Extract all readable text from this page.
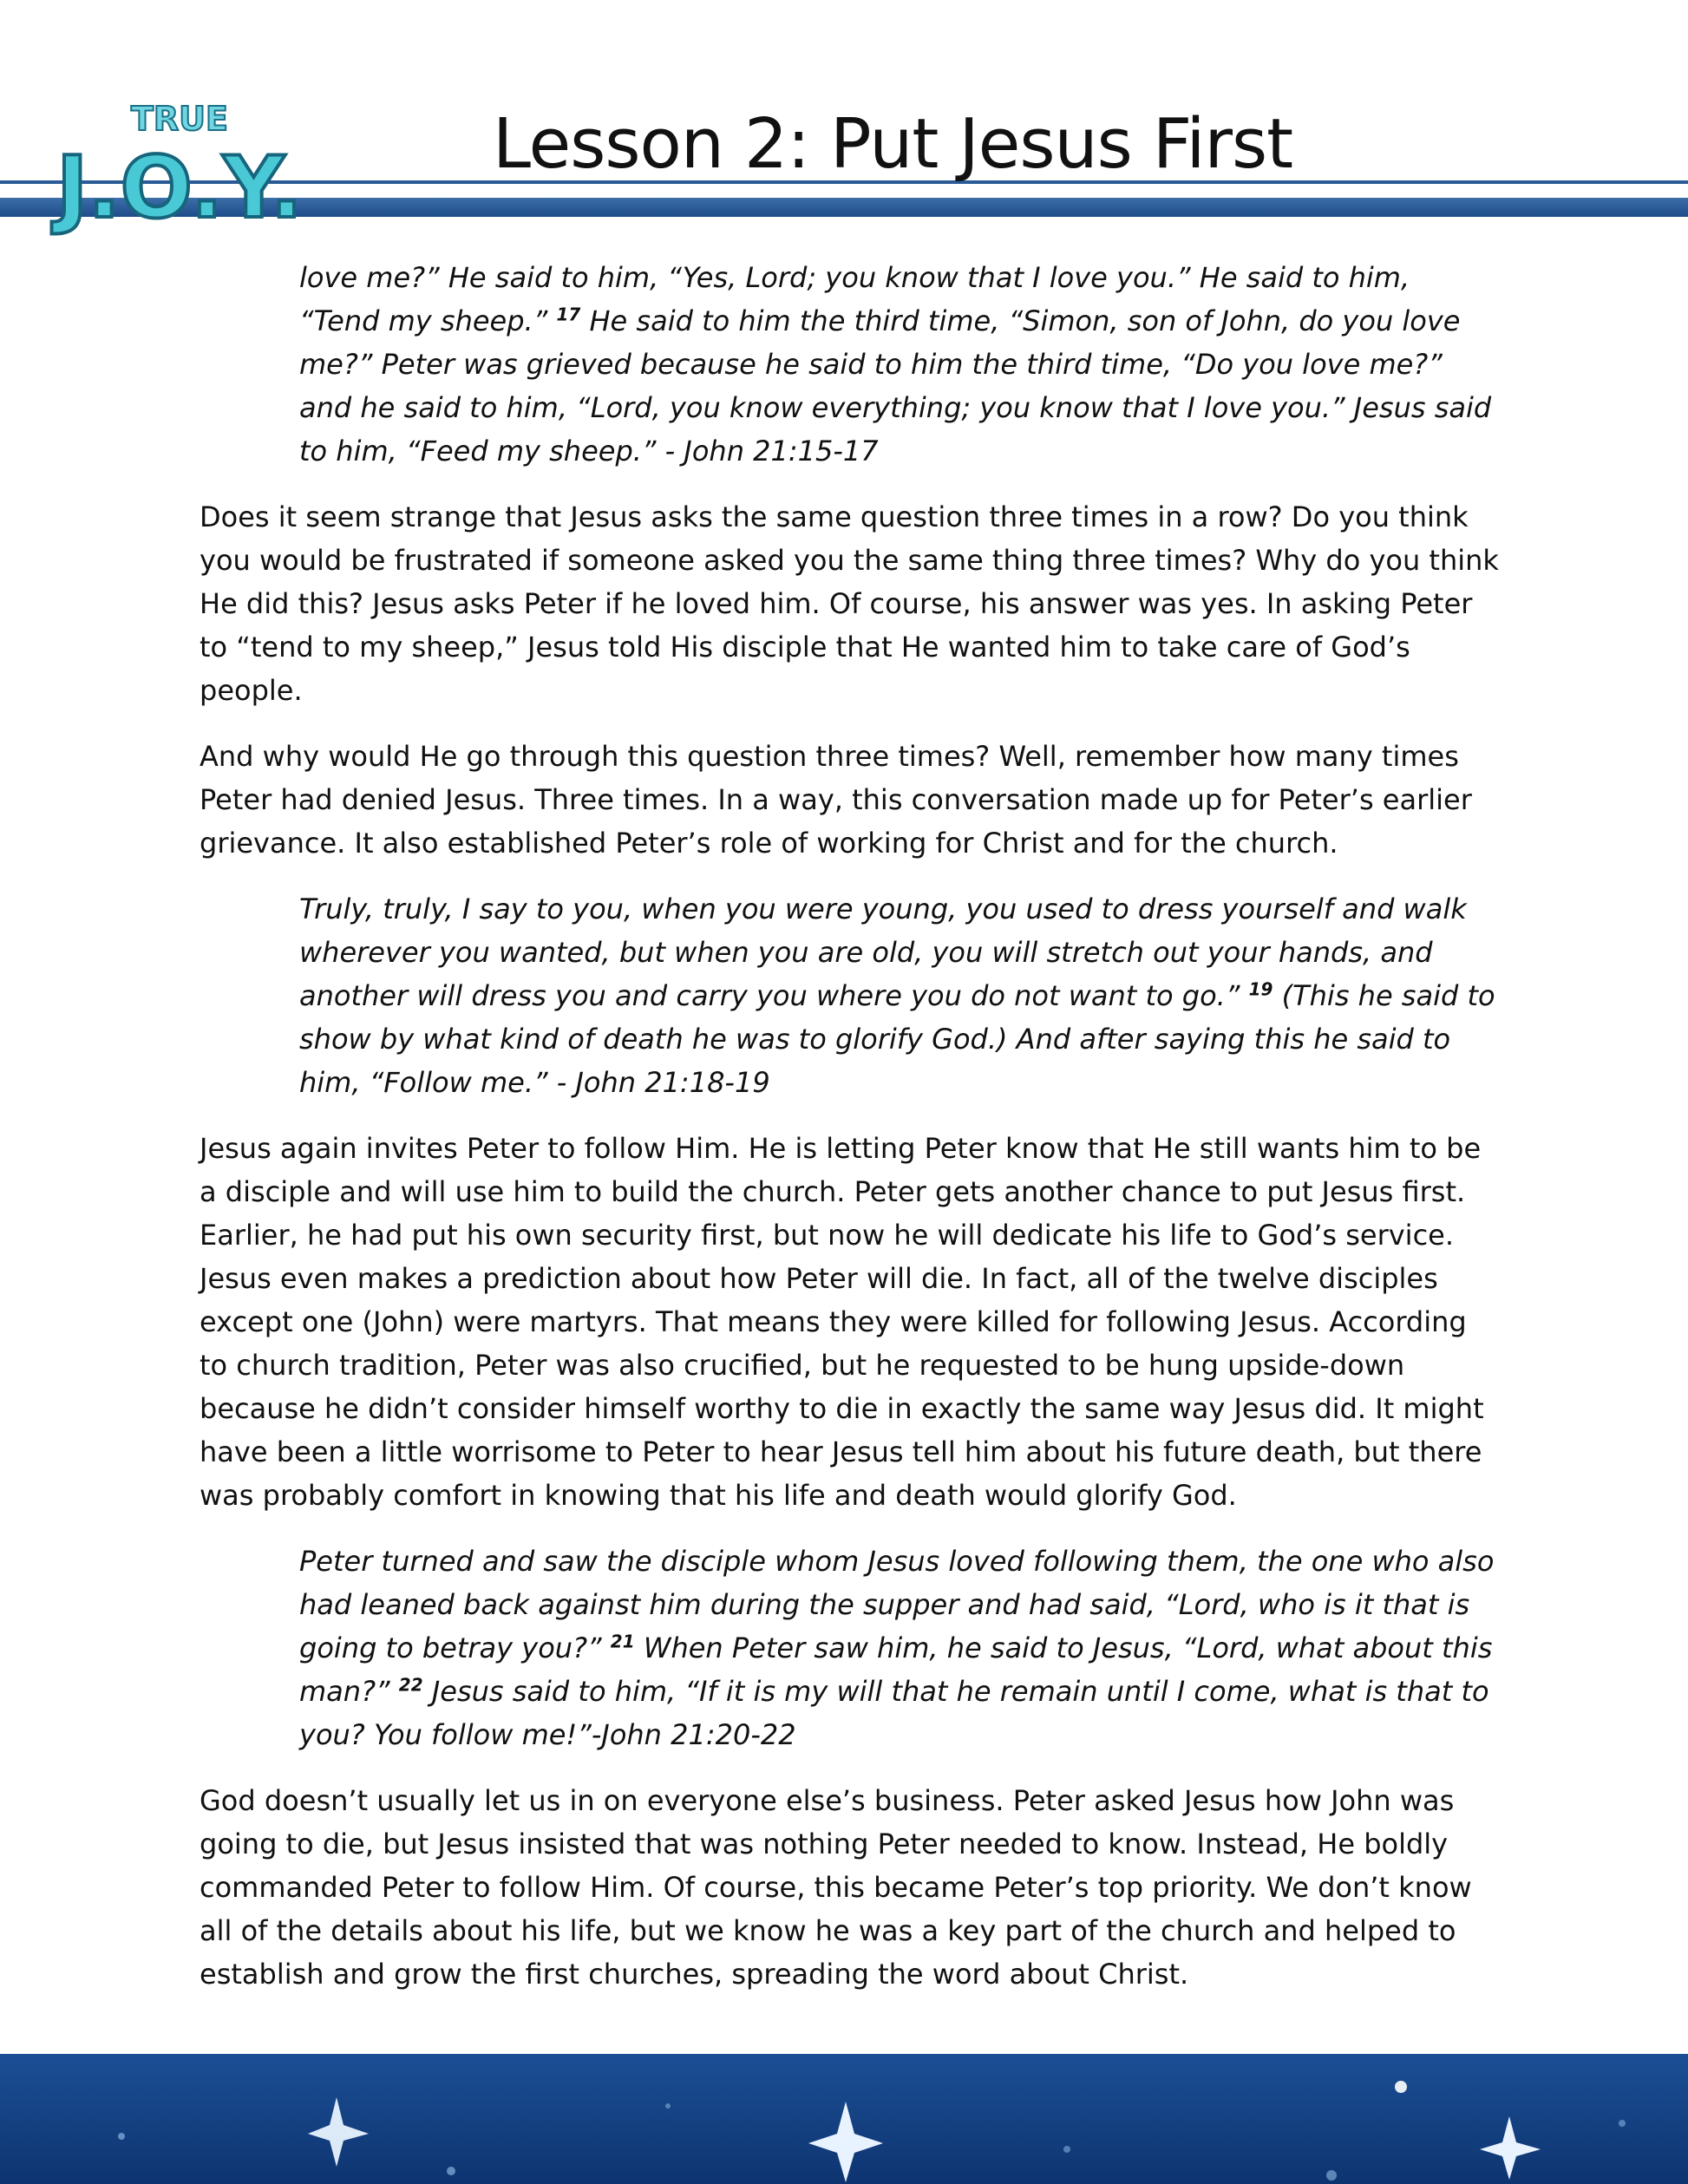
TRUE
J.O.Y.	Lesson 2: Put Jesus First

love me?” He said to him, “Yes, Lord; you know that I love you.” He said to him, “Tend my sheep.” $^{17}$ He said to him the third time, “Simon, son of John, do you love me?” Peter was grieved because he said to him the third time, “Do you love me?” and he said to him, “Lord, you know everything; you know that I love you.” Jesus said to him, “Feed my sheep.” - John 21:15-17

Does it seem strange that Jesus asks the same question three times in a row? Do you think you would be frustrated if someone asked you the same thing three times? Why do you think He did this? Jesus asks Peter if he loved him. Of course, his answer was yes. In asking Peter to “tend to my sheep,” Jesus told His disciple that He wanted him to take care of God’s people.

And why would He go through this question three times? Well, remember how many times Peter had denied Jesus. Three times. In a way, this conversation made up for Peter’s earlier grievance. It also established Peter’s role of working for Christ and for the church.

Truly, truly, I say to you, when you were young, you used to dress yourself and walk wherever you wanted, but when you are old, you will stretch out your hands, and another will dress you and carry you where you do not want to go.” $^{19}$ (This he said to show by what kind of death he was to glorify God.) And after saying this he said to him, “Follow me.” - John 21:18-19

Jesus again invites Peter to follow Him. He is letting Peter know that He still wants him to be a disciple and will use him to build the church. Peter gets another chance to put Jesus first. Earlier, he had put his own security first, but now he will dedicate his life to God’s service. Jesus even makes a prediction about how Peter will die. In fact, all of the twelve disciples except one (John) were martyrs. That means they were killed for following Jesus. According to church tradition, Peter was also crucified, but he requested to be hung upside-down because he didn’t consider himself worthy to die in exactly the same way Jesus did. It might have been a little worrisome to Peter to hear Jesus tell him about his future death, but there was probably comfort in knowing that his life and death would glorify God.

Peter turned and saw the disciple whom Jesus loved following them, the one who also had leaned back against him during the supper and had said, “Lord, who is it that is going to betray you?” $^{21}$ When Peter saw him, he said to Jesus, “Lord, what about this man?” $^{22}$ Jesus said to him, “If it is my will that he remain until I come, what is that to you? You follow me!”-John 21:20-22

God doesn’t usually let us in on everyone else’s business. Peter asked Jesus how John was going to die, but Jesus insisted that was nothing Peter needed to know. Instead, He boldly commanded Peter to follow Him. Of course, this became Peter’s top priority. We don’t know all of the details about his life, but we know he was a key part of the church and helped to establish and grow the first churches, spreading the word about Christ.
